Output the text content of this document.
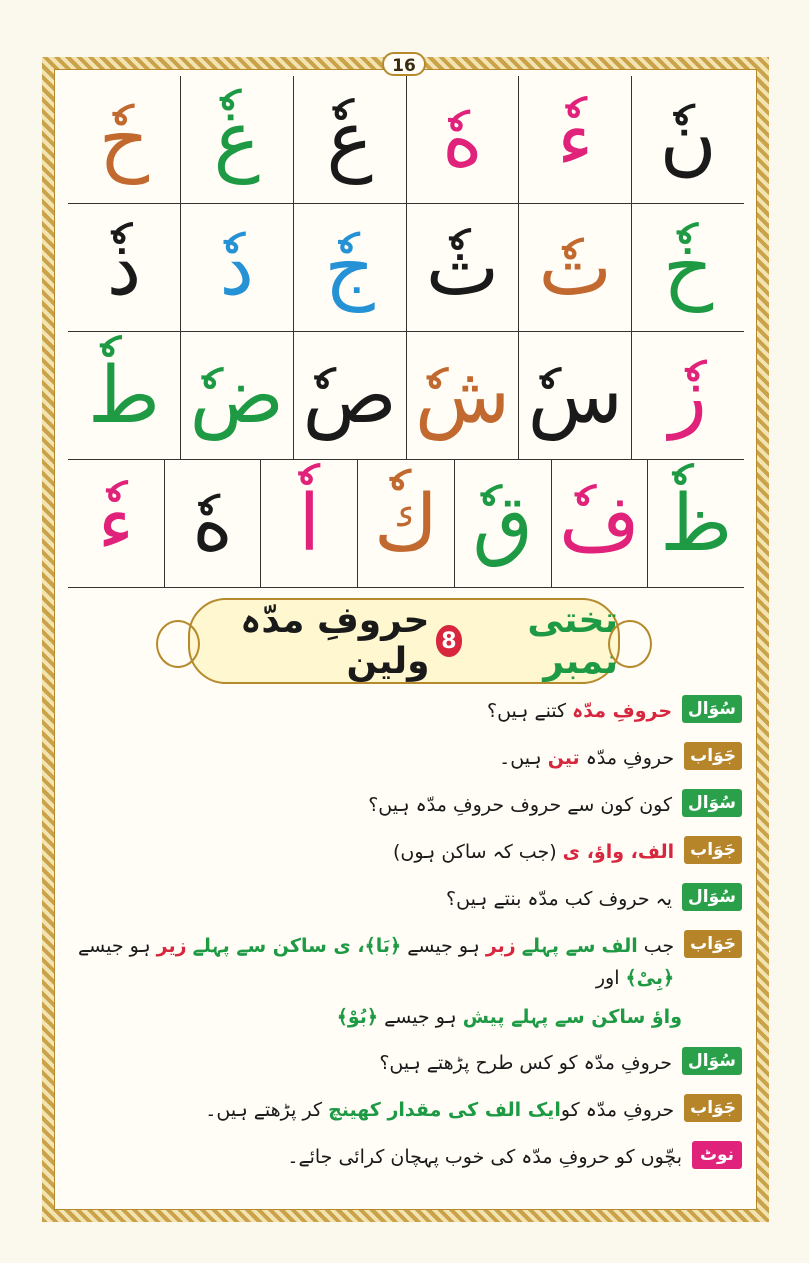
16
نٗ
ءٗ
هٗ
عٗ
غٗ
حٗ
خٗ
تٗ
ثٗ
جٗ
دٗ
ذٗ
زٗ
سٗ
شٗ
صٗ
ضٗ
طٗ
ظٗ
فٗ
قٗ
كٗ
اٗ
هٗ
ءٗ
تختی نمبر
8
حروفِ مدّہ ولین
سُوَال
حروفِ مدّہ کتنے ہیں؟
جَوَاب
حروفِ مدّہ تین ہیں۔
سُوَال
کون کون سے حروف حروفِ مدّہ ہیں؟
جَوَاب
الف، واؤ، ی (جب کہ ساکن ہوں)
سُوَال
یہ حروف کب مدّہ بنتے ہیں؟
جَوَاب
جب الف سے پہلے زبر ہو جیسے ﴿بَا﴾، ی ساکن سے پہلے زیر ہو جیسے ﴿بِیْ﴾ اور
واؤ ساکن سے پہلے پیش ہو جیسے ﴿بُوْ﴾
سُوَال
حروفِ مدّہ کو کس طرح پڑھتے ہیں؟
جَوَاب
حروفِ مدّہ کوایک الف کی مقدار کھینچ کر پڑھتے ہیں۔
نوٹ
بچّوں کو حروفِ مدّہ کی خوب پہچان کرائی جائے۔
